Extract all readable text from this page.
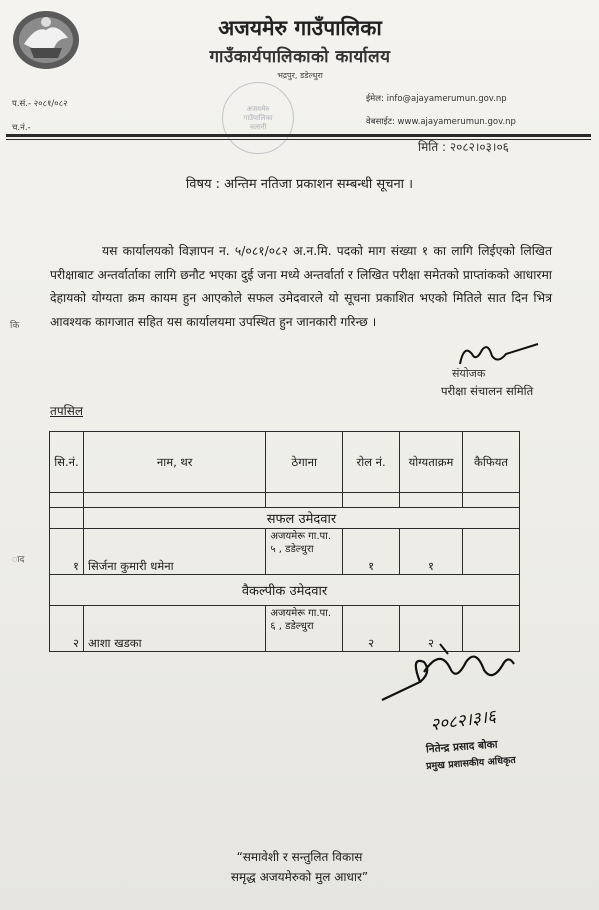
अजयमेरु गाउँपालिका
गाउँकार्यपालिकाको कार्यालय
भद्रपुर, डडेल्धुरा
प.सं.- २०८१/०८२
च.नं.-
ईमेल: info@ajayamerumun.gov.np
वेबसाईट: www.ajayamerumun.gov.np
अजयमेरु
गाउँपालिका
चलानी
मिति : २०८२।०३।०६
विषय : अन्तिम नतिजा प्रकाशन सम्बन्धी सूचना ।
यस कार्यालयको विज्ञापन न. ५/०८१/०८२ अ.न.मि. पदको माग संख्या १ का लागि लिईएको लिखित परीक्षाबाट अन्तर्वार्ताका लागि छनौट भएका दुई जना मध्ये अन्तर्वार्ता र लिखित परीक्षा समेतको प्राप्तांकको आधारमा देहायको योग्यता क्रम कायम हुन आएकोले सफल उमेदवारले यो सूचना प्रकाशित भएको मितिले सात दिन भित्र आवश्यक कागजात सहित यस कार्यालयमा उपस्थित हुन जानकारी गरिन्छ ।
कि
संयोजक
परीक्षा संचालन समिति
तपसिल
सि.नं.	नाम, थर	ठेगाना	रोल नं.	योग्यताक्रम	कैफियत

	सफल उमेदवार				
१	सिर्जना कुमारी धमेना	अजयमेरू गा.पा. ५ , डडेल्धुरा	१	१	
वैकल्पीक उमेदवार					
२	आशा खडका	अजयमेरू गा.पा. ६ , डडेल्धुरा	२	२	
ाद
२०८२।३।६
नितेन्द्र प्रसाद बोका
प्रमुख प्रशासकीय अधिकृत
“समावेशी र सन्तुलित विकास
समृद्ध अजयमेरुको मुल आधार”
